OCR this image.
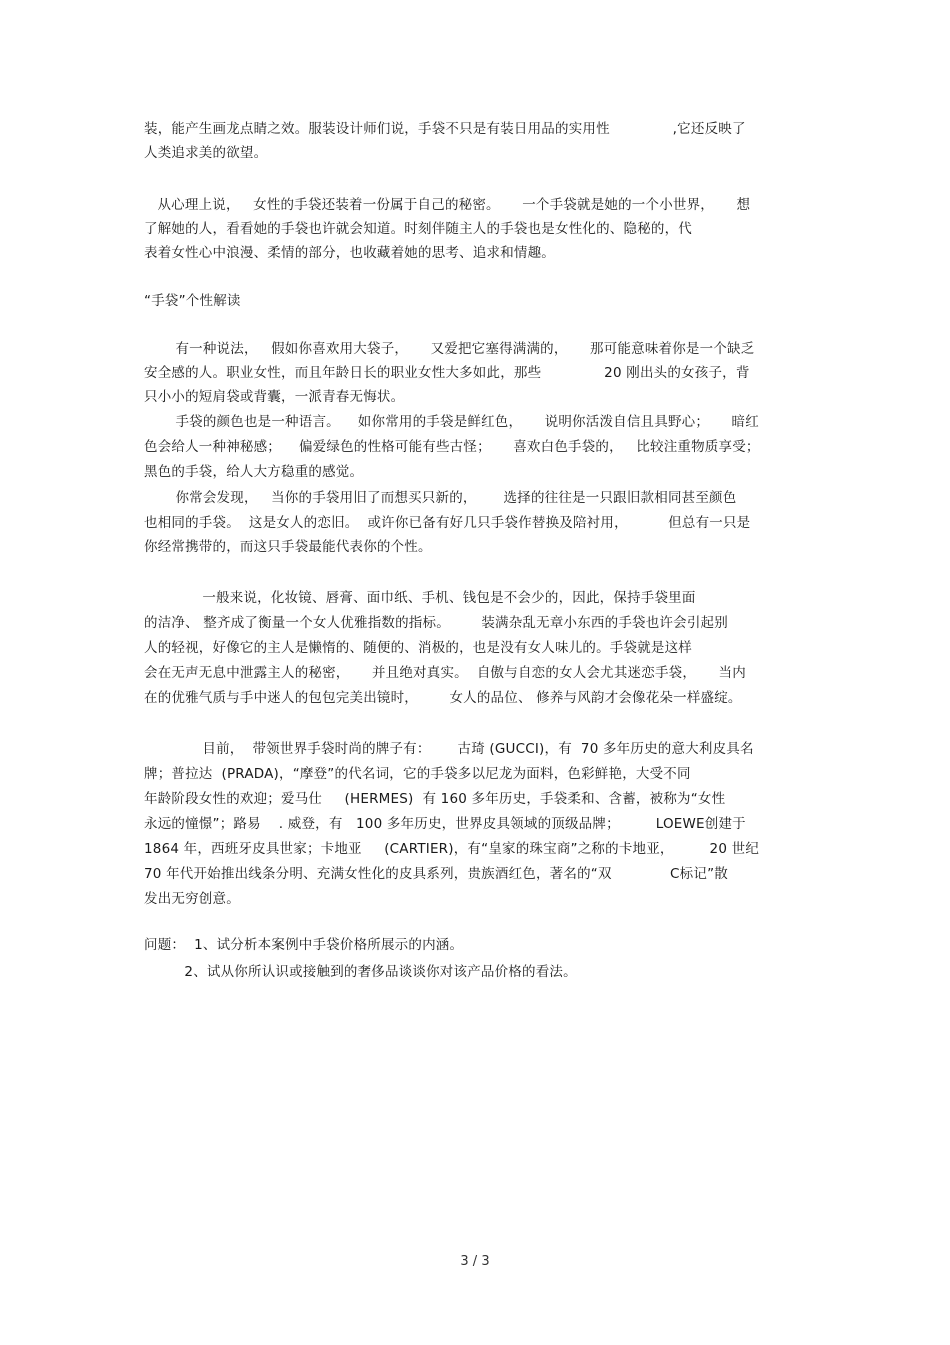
装，能产生画龙点睛之效。服装设计师们说，手袋不只是有装日用品的实用性              ,它还反映了
人类追求美的欲望。
从心理上说，   女性的手袋还装着一份属于自己的秘密。     一个手袋就是她的一个小世界，     想
了解她的人，看看她的手袋也许就会知道。时刻伴随主人的手袋也是女性化的、隐秘的，代
表着女性心中浪漫、柔情的部分，也收藏着她的思考、追求和情趣。
“手袋”个性解读
有一种说法，   假如你喜欢用大袋子，     又爱把它塞得满满的，     那可能意味着你是一个缺乏
安全感的人。职业女性，而且年龄日长的职业女性大多如此，那些              20 刚出头的女孩子，背
只小小的短肩袋或背囊，一派青春无悔状。
手袋的颜色也是一种语言。    如你常用的手袋是鲜红色，     说明你活泼自信且具野心；     暗红
色会给人一种神秘感；    偏爱绿色的性格可能有些古怪；     喜欢白色手袋的，   比较注重物质享受；
黑色的手袋，给人大方稳重的感觉。
你常会发现，   当你的手袋用旧了而想买只新的，      选择的往往是一只跟旧款相同甚至颜色
也相同的手袋。  这是女人的恋旧。  或许你已备有好几只手袋作替换及陪衬用，         但总有一只是
你经常携带的，而这只手袋最能代表你的个性。
一般来说，化妆镜、唇膏、面巾纸、手机、钱包是不会少的，因此，保持手袋里面
的洁净、 整齐成了衡量一个女人优雅指数的指标。       装满杂乱无章小东西的手袋也许会引起别
人的轻视，好像它的主人是懒惰的、随便的、消极的，也是没有女人味儿的。手袋就是这样
会在无声无息中泄露主人的秘密，     并且绝对真实。  自傲与自恋的女人会尤其迷恋手袋，     当内
在的优雅气质与手中迷人的包包完美出镜时，       女人的品位、 修养与风韵才会像花朵一样盛绽。
目前，  带领世界手袋时尚的牌子有：      古琦 (GUCCI)，有  70 多年历史的意大利皮具名
牌；普拉达  (PRADA)，“摩登”的代名词，它的手袋多以尼龙为面料，色彩鲜艳，大受不同
年龄阶段女性的欢迎；爱马仕     (HERMES)  有 160 多年历史，手袋柔和、含蓄，被称为“女性
永远的憧憬”；路易    . 威登，有   100 多年历史，世界皮具领域的顶级品牌；        LOEWE创建于
1864 年，西班牙皮具世家；卡地亚     (CARTIER)，有“皇家的珠宝商”之称的卡地亚，        20 世纪
70 年代开始推出线条分明、充满女性化的皮具系列，贵族酒红色，著名的“双             C标记”散
发出无穷创意。
问题：  1、试分析本案例中手袋价格所展示的内涵。
2、试从你所认识或接触到的奢侈品谈谈你对该产品价格的看法。
3 / 3
